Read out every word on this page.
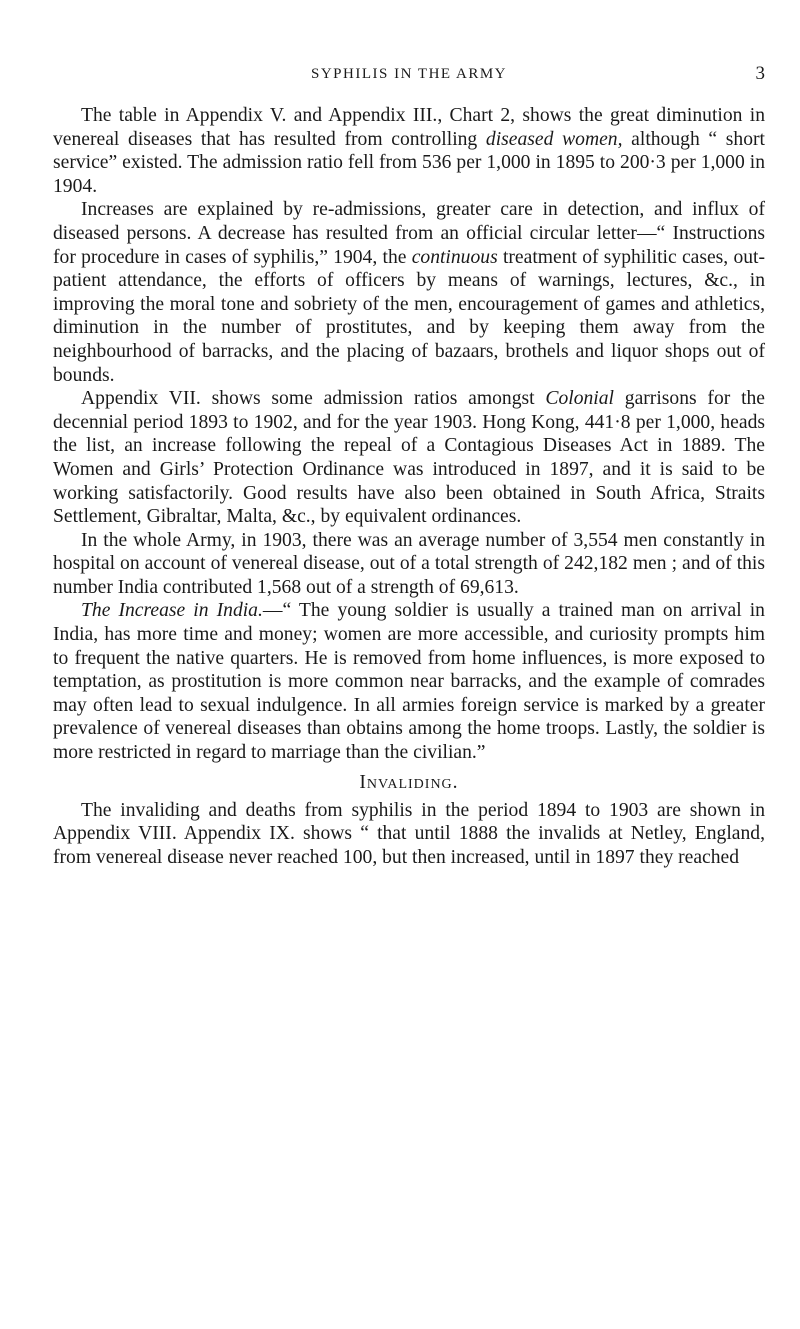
SYPHILIS IN THE ARMY	3

The table in Appendix V. and Appendix III., Chart 2, shows the great diminution in venereal diseases that has resulted from controlling diseased women, although “ short service” existed. The admission ratio fell from 536 per 1,000 in 1895 to 200·3 per 1,000 in 1904.

Increases are explained by re-admissions, greater care in detection, and influx of diseased persons. A decrease has resulted from an official circular letter—“ Instructions for procedure in cases of syphilis,” 1904, the continuous treatment of syphilitic cases, out-patient attendance, the efforts of officers by means of warnings, lectures, &c., in improving the moral tone and sobriety of the men, encouragement of games and athletics, diminution in the number of prostitutes, and by keeping them away from the neighbourhood of barracks, and the placing of bazaars, brothels and liquor shops out of bounds.

Appendix VII. shows some admission ratios amongst Colonial garrisons for the decennial period 1893 to 1902, and for the year 1903. Hong Kong, 441·8 per 1,000, heads the list, an increase following the repeal of a Contagious Diseases Act in 1889. The Women and Girls’ Protection Ordinance was introduced in 1897, and it is said to be working satisfactorily. Good results have also been obtained in South Africa, Straits Settlement, Gibraltar, Malta, &c., by equivalent ordinances.

In the whole Army, in 1903, there was an average number of 3,554 men constantly in hospital on account of venereal disease, out of a total strength of 242,182 men ; and of this number India contributed 1,568 out of a strength of 69,613.

The Increase in India.—“ The young soldier is usually a trained man on arrival in India, has more time and money; women are more accessible, and curiosity prompts him to frequent the native quarters. He is removed from home influences, is more exposed to temptation, as prostitution is more common near barracks, and the example of comrades may often lead to sexual indulgence. In all armies foreign service is marked by a greater prevalence of venereal diseases than obtains among the home troops. Lastly, the soldier is more restricted in regard to marriage than the civilian.”

Invaliding.

The invaliding and deaths from syphilis in the period 1894 to 1903 are shown in Appendix VIII. Appendix IX. shows “ that until 1888 the invalids at Netley, England, from venereal disease never reached 100, but then increased, until in 1897 they reached
